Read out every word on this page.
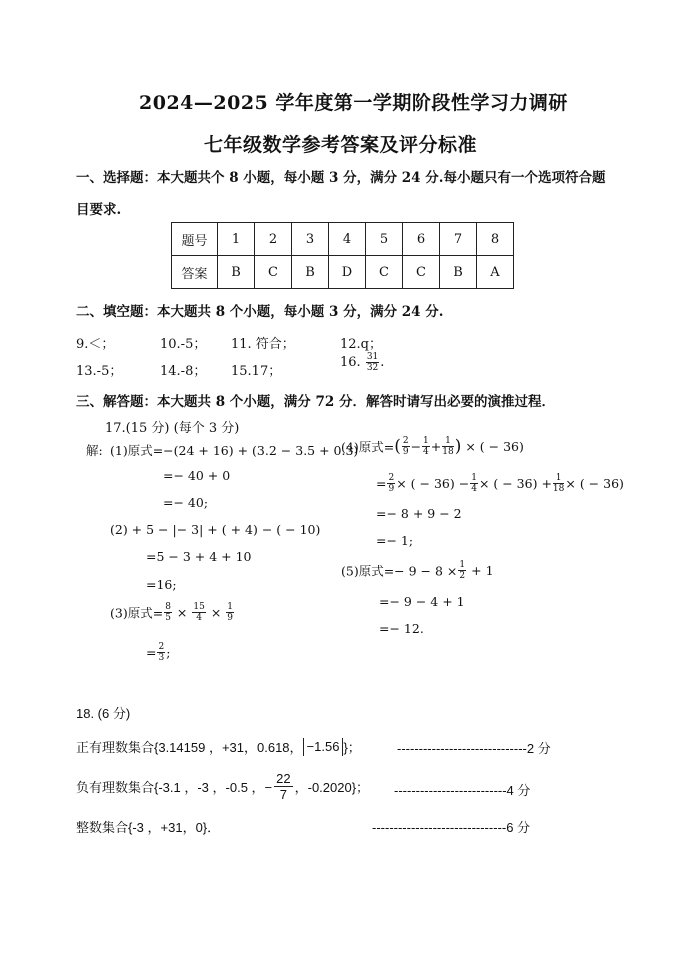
2024—2025 学年度第一学期阶段性学习力调研
七年级数学参考答案及评分标准
一、选择题：本大题共个 8 小题，每小题 3 分，满分 24 分.每小题只有一个选项符合题
目要求.
题号	1	2	3	4	5	6	7	8
答案	B	C	B	D	C	C	B	A
二、填空题：本大题共 8 个小题，每小题 3 分，满分 24 分.
9.＜；	10.-5； 11. 符合；	12.q；
13.-5；	14.-8； 15.17；
16. $\frac{31}{32}$ .
三、解答题：本大题共 8 个小题，满分 72 分．解答时请写出必要的演推过程．
17.(15 分) (每个 3 分)
解: (1)原式=−(24 + 16) + (3.2 − 3.5 + 0.3)
=− 40 + 0
=− 40;
(2) + 5 − |− 3| + ( + 4) − ( − 10)
=5 − 3 + 4 + 10
=16;
(3)原式= $\frac{8}{5} \times \frac{15}{4} \times \frac{1}{9}$
= $\frac{2}{3}$ ;
(4)原式=( $\frac{2}{9} - \frac{1}{4} + \frac{1}{18}$ ) × ( − 36)
= $\frac{2}{9}$ × ( − $36) - \frac{1}{4}$ × ( − $36) + \frac{1}{18}$ × ( − 36)
=− 8 + 9 − 2
=− 1;
(5)原式=− $9 - 8 \times \frac{1}{2} + 1$
=− 9 − 4 + 1
=− 12.
18. (6 分)
正有理数集合{3.14159 ，+31，0.618， −1.56 }；	------------------------------2 分
负有理数集合{-3.1 ，-3 ，-0.5 ，− $\frac{22}{7}$ ，-0.2020}； --------------------------4 分
整数集合{-3 ，+31，0}．	-------------------------------6 分
